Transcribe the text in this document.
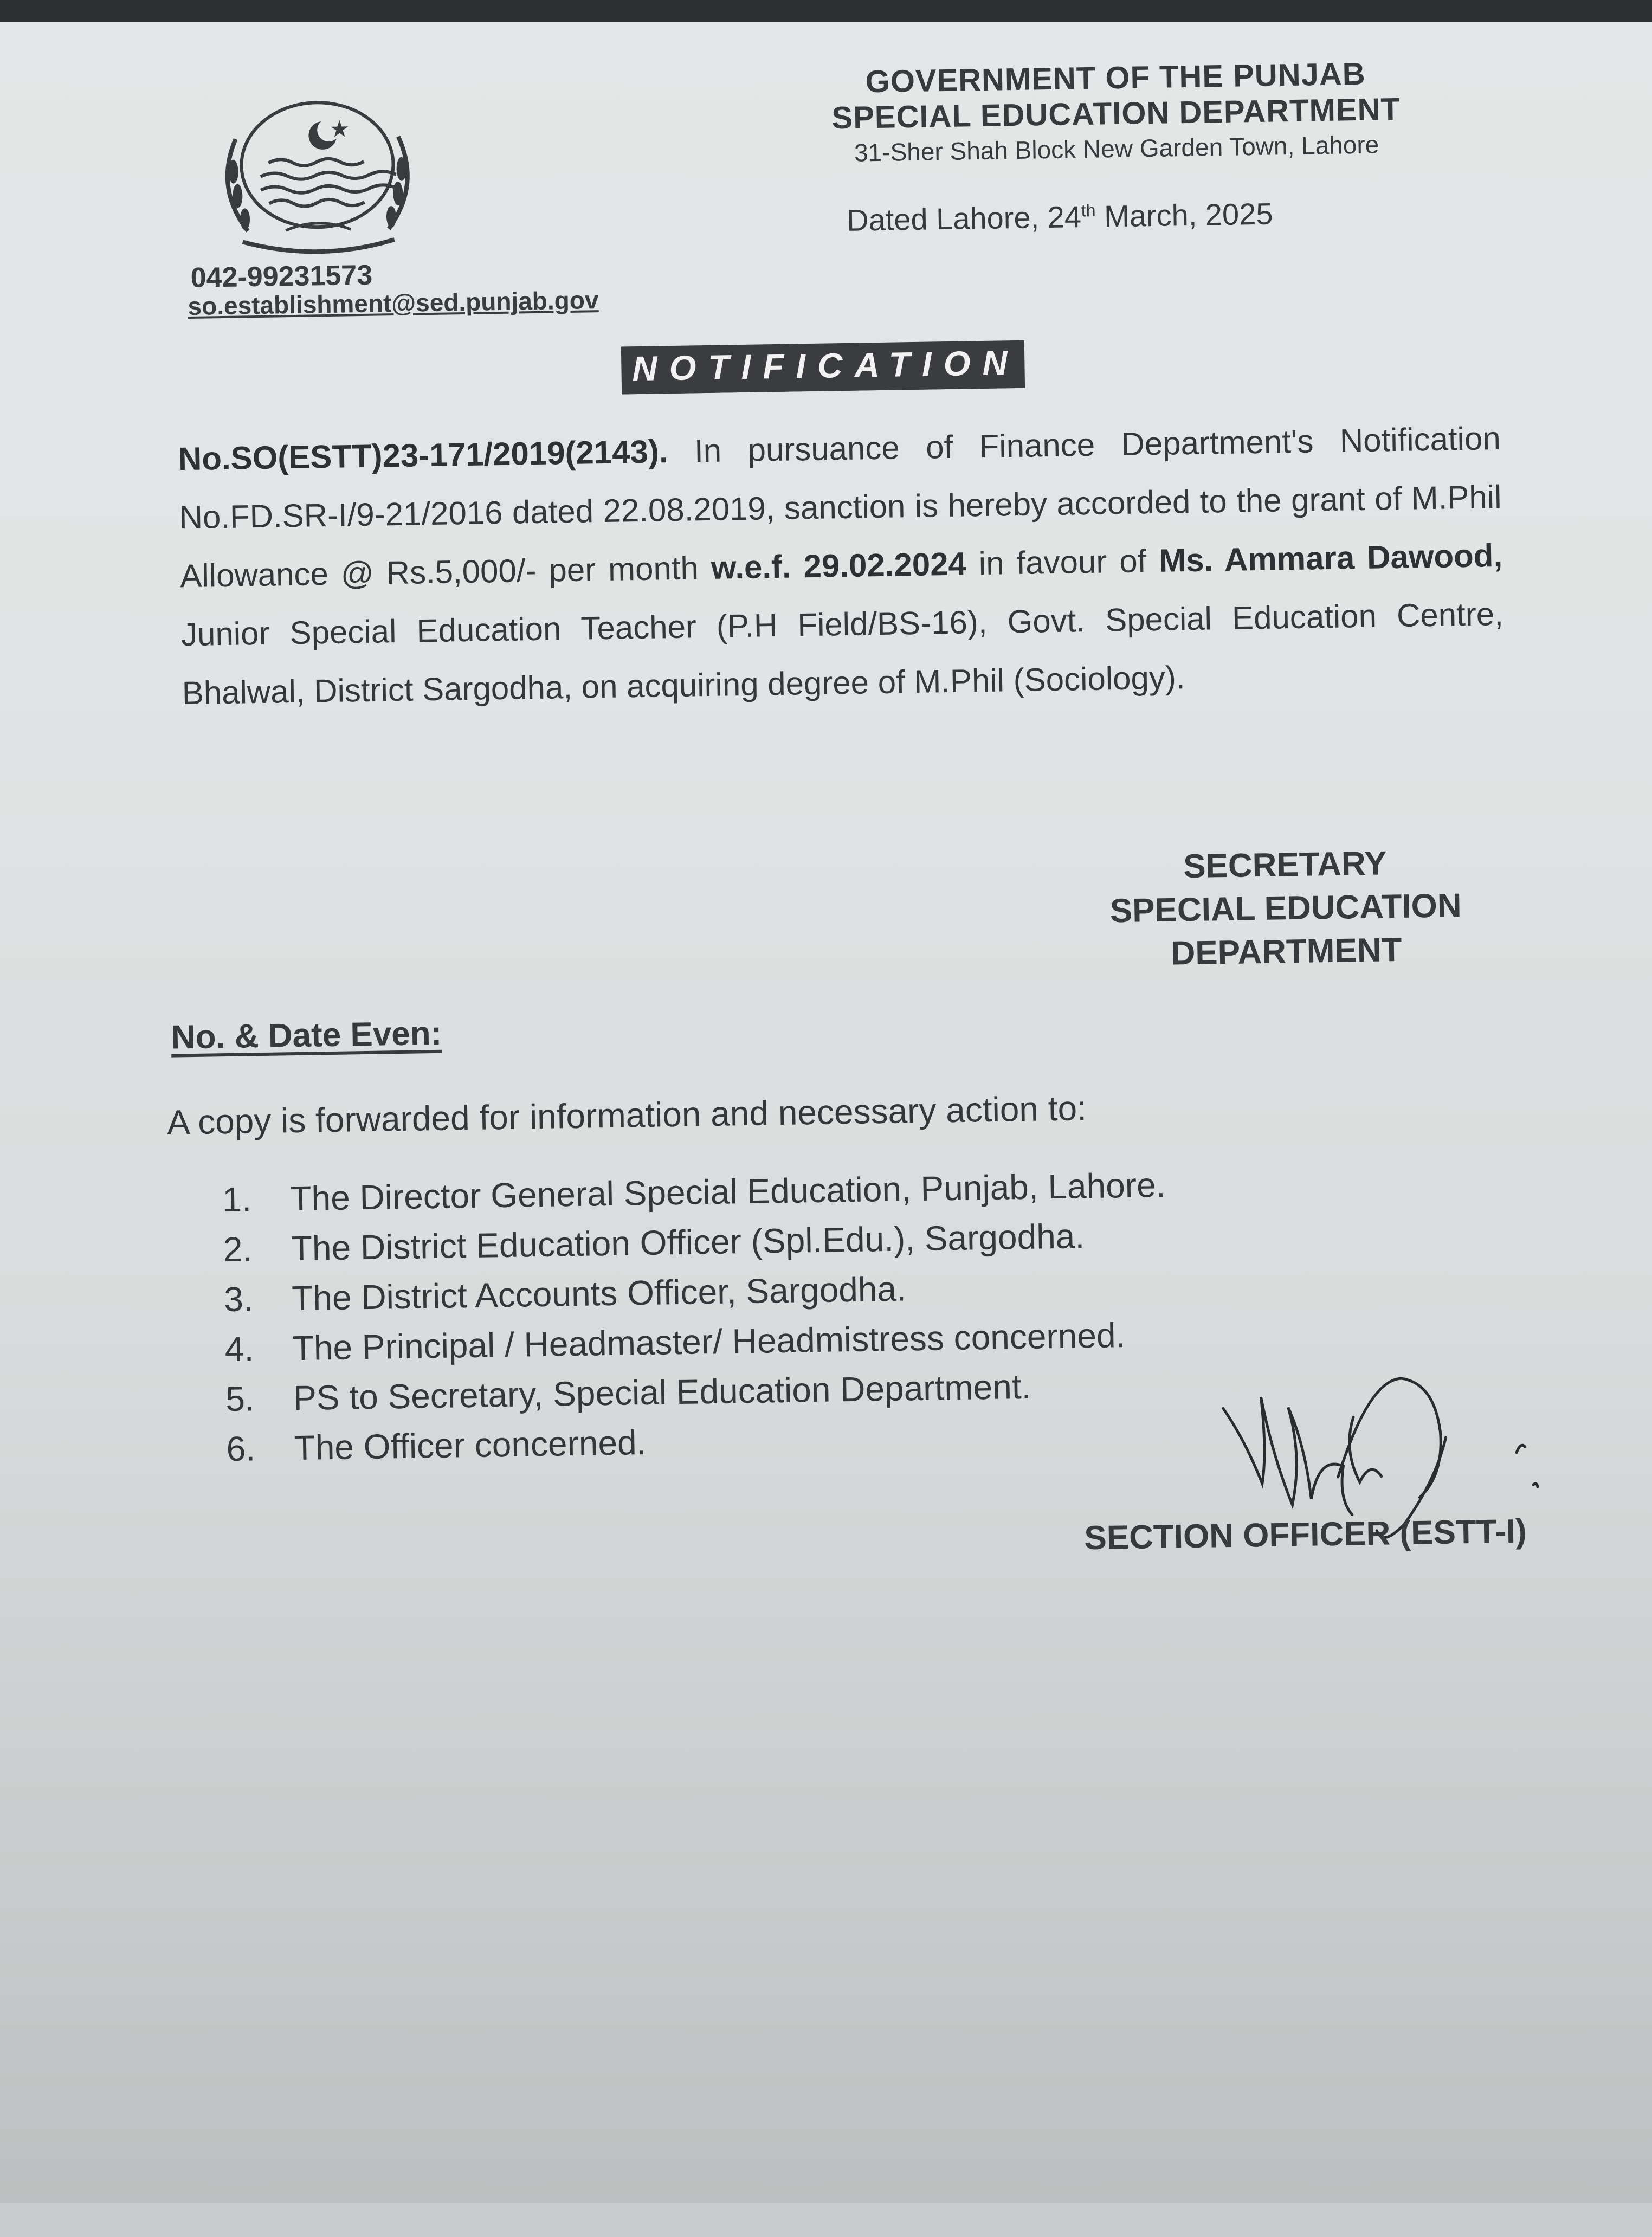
GOVERNMENT OF THE PUNJAB
SPECIAL EDUCATION DEPARTMENT
31-Sher Shah Block New Garden Town, Lahore
Dated Lahore, 24th March, 2025
042-99231573
so.establishment@sed.punjab.gov
NOTIFICATION
No.SO(ESTT)23-171/2019(2143). In pursuance of Finance Department's Notification No.FD.SR-I/9-21/2016 dated 22.08.2019, sanction is hereby accorded to the grant of M.Phil Allowance @ Rs.5,000/- per month w.e.f. 29.02.2024 in favour of Ms. Ammara Dawood, Junior Special Education Teacher (P.H Field/BS-16), Govt. Special Education Centre, Bhalwal, District Sargodha, on acquiring degree of M.Phil (Sociology).
SECRETARY
SPECIAL EDUCATION
DEPARTMENT
No. & Date Even:
A copy is forwarded for information and necessary action to:
1.	The Director General Special Education, Punjab, Lahore.
2.	The District Education Officer (Spl.Edu.), Sargodha.
3.	The District Accounts Officer, Sargodha.
4.	The Principal / Headmaster/ Headmistress concerned.
5.	PS to Secretary, Special Education Department.
6.	The Officer concerned.
SECTION OFFICER (ESTT-I)
